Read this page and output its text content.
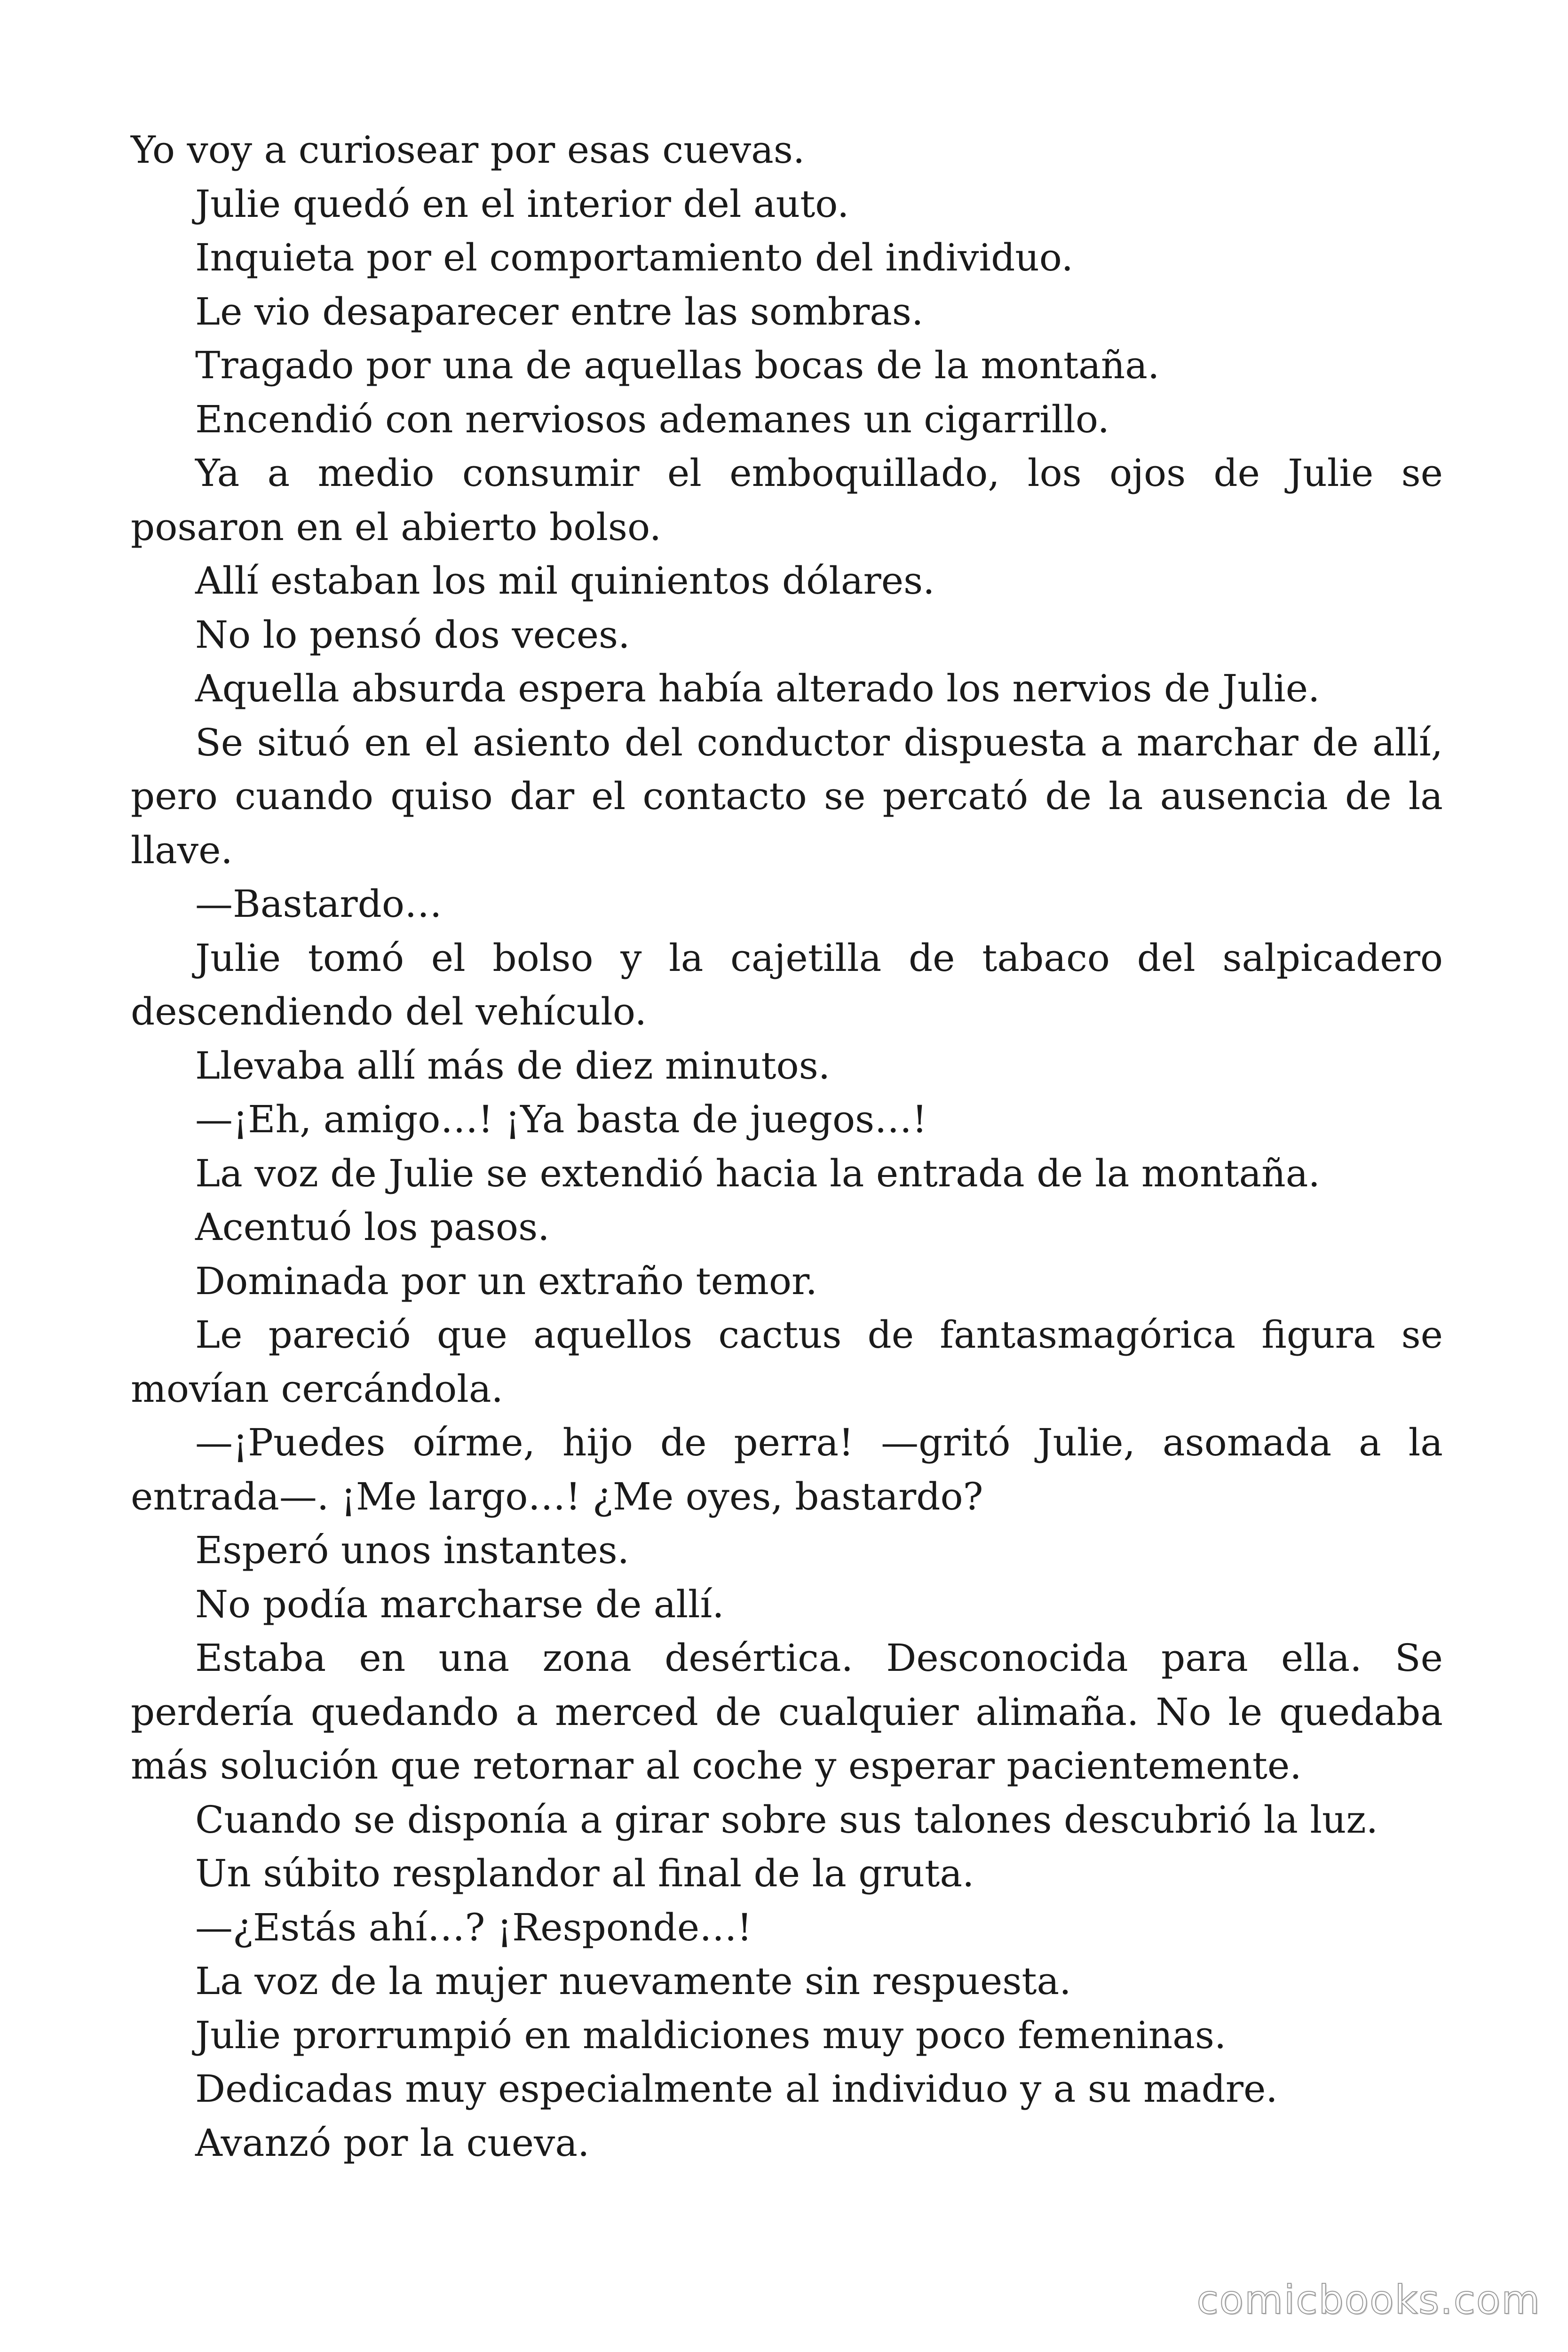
Yo voy a curiosear por esas cuevas.

Julie quedó en el interior del auto.

Inquieta por el comportamiento del individuo.

Le vio desaparecer entre las sombras.

Tragado por una de aquellas bocas de la montaña.

Encendió con nerviosos ademanes un cigarrillo.

Ya a medio consumir el emboquillado, los ojos de Julie se posaron en el abierto bolso.

Allí estaban los mil quinientos dólares.

No lo pensó dos veces.

Aquella absurda espera había alterado los nervios de Julie.

Se situó en el asiento del conductor dispuesta a marchar de allí, pero cuando quiso dar el contacto se percató de la ausencia de la llave.

—Bastardo…

Julie tomó el bolso y la cajetilla de tabaco del salpicadero descendiendo del vehículo.

Llevaba allí más de diez minutos.

—¡Eh, amigo…! ¡Ya basta de juegos…!

La voz de Julie se extendió hacia la entrada de la montaña.

Acentuó los pasos.

Dominada por un extraño temor.

Le pareció que aquellos cactus de fantasmagórica figura se movían cercándola.

—¡Puedes oírme, hijo de perra! —gritó Julie, asomada a la entrada—. ¡Me largo…! ¿Me oyes, bastardo?

Esperó unos instantes.

No podía marcharse de allí.

Estaba en una zona desértica. Desconocida para ella. Se perdería quedando a merced de cualquier alimaña. No le quedaba más solución que retornar al coche y esperar pacientemente.

Cuando se disponía a girar sobre sus talones descubrió la luz.

Un súbito resplandor al final de la gruta.

—¿Estás ahí…? ¡Responde…!

La voz de la mujer nuevamente sin respuesta.

Julie prorrumpió en maldiciones muy poco femeninas.

Dedicadas muy especialmente al individuo y a su madre.

Avanzó por la cueva.

comicbooks.com
